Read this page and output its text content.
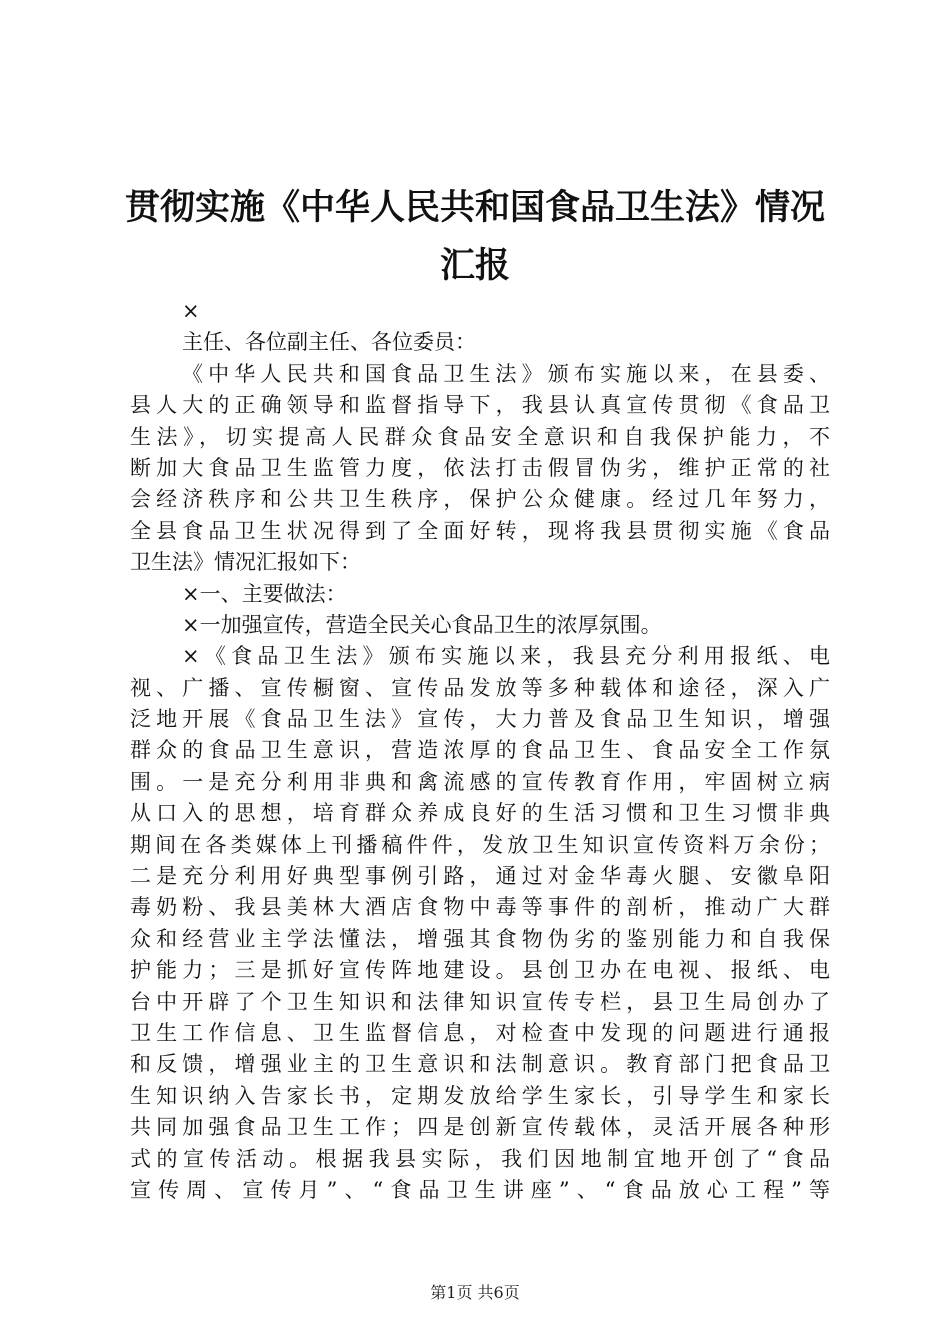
贯彻实施《中华人民共和国食品卫生法》情况
汇报
×
主任、各位副主任、各位委员：
《中华人民共和国食品卫生法》颁布实施以来，在县委、
县人大的正确领导和监督指导下，我县认真宣传贯彻《食品卫
生法》，切实提高人民群众食品安全意识和自我保护能力，不
断加大食品卫生监管力度，依法打击假冒伪劣，维护正常的社
会经济秩序和公共卫生秩序，保护公众健康。经过几年努力，
全县食品卫生状况得到了全面好转，现将我县贯彻实施《食品
卫生法》情况汇报如下：
×一、主要做法：
×一加强宣传，营造全民关心食品卫生的浓厚氛围。
×《食品卫生法》颁布实施以来，我县充分利用报纸、电
视、广播、宣传橱窗、宣传品发放等多种载体和途径，深入广
泛地开展《食品卫生法》宣传，大力普及食品卫生知识，增强
群众的食品卫生意识，营造浓厚的食品卫生、食品安全工作氛
围。一是充分利用非典和禽流感的宣传教育作用，牢固树立病
从口入的思想，培育群众养成良好的生活习惯和卫生习惯非典
期间在各类媒体上刊播稿件件，发放卫生知识宣传资料万余份；
二是充分利用好典型事例引路，通过对金华毒火腿、安徽阜阳
毒奶粉、我县美林大酒店食物中毒等事件的剖析，推动广大群
众和经营业主学法懂法，增强其食物伪劣的鉴别能力和自我保
护能力；三是抓好宣传阵地建设。县创卫办在电视、报纸、电
台中开辟了个卫生知识和法律知识宣传专栏，县卫生局创办了
卫生工作信息、卫生监督信息，对检查中发现的问题进行通报
和反馈，增强业主的卫生意识和法制意识。教育部门把食品卫
生知识纳入告家长书，定期发放给学生家长，引导学生和家长
共同加强食品卫生工作；四是创新宣传载体，灵活开展各种形
式的宣传活动。根据我县实际，我们因地制宜地开创了“食品
宣传周、宣传月”、“食品卫生讲座”、“食品放心工程”等
第1页 共6页
